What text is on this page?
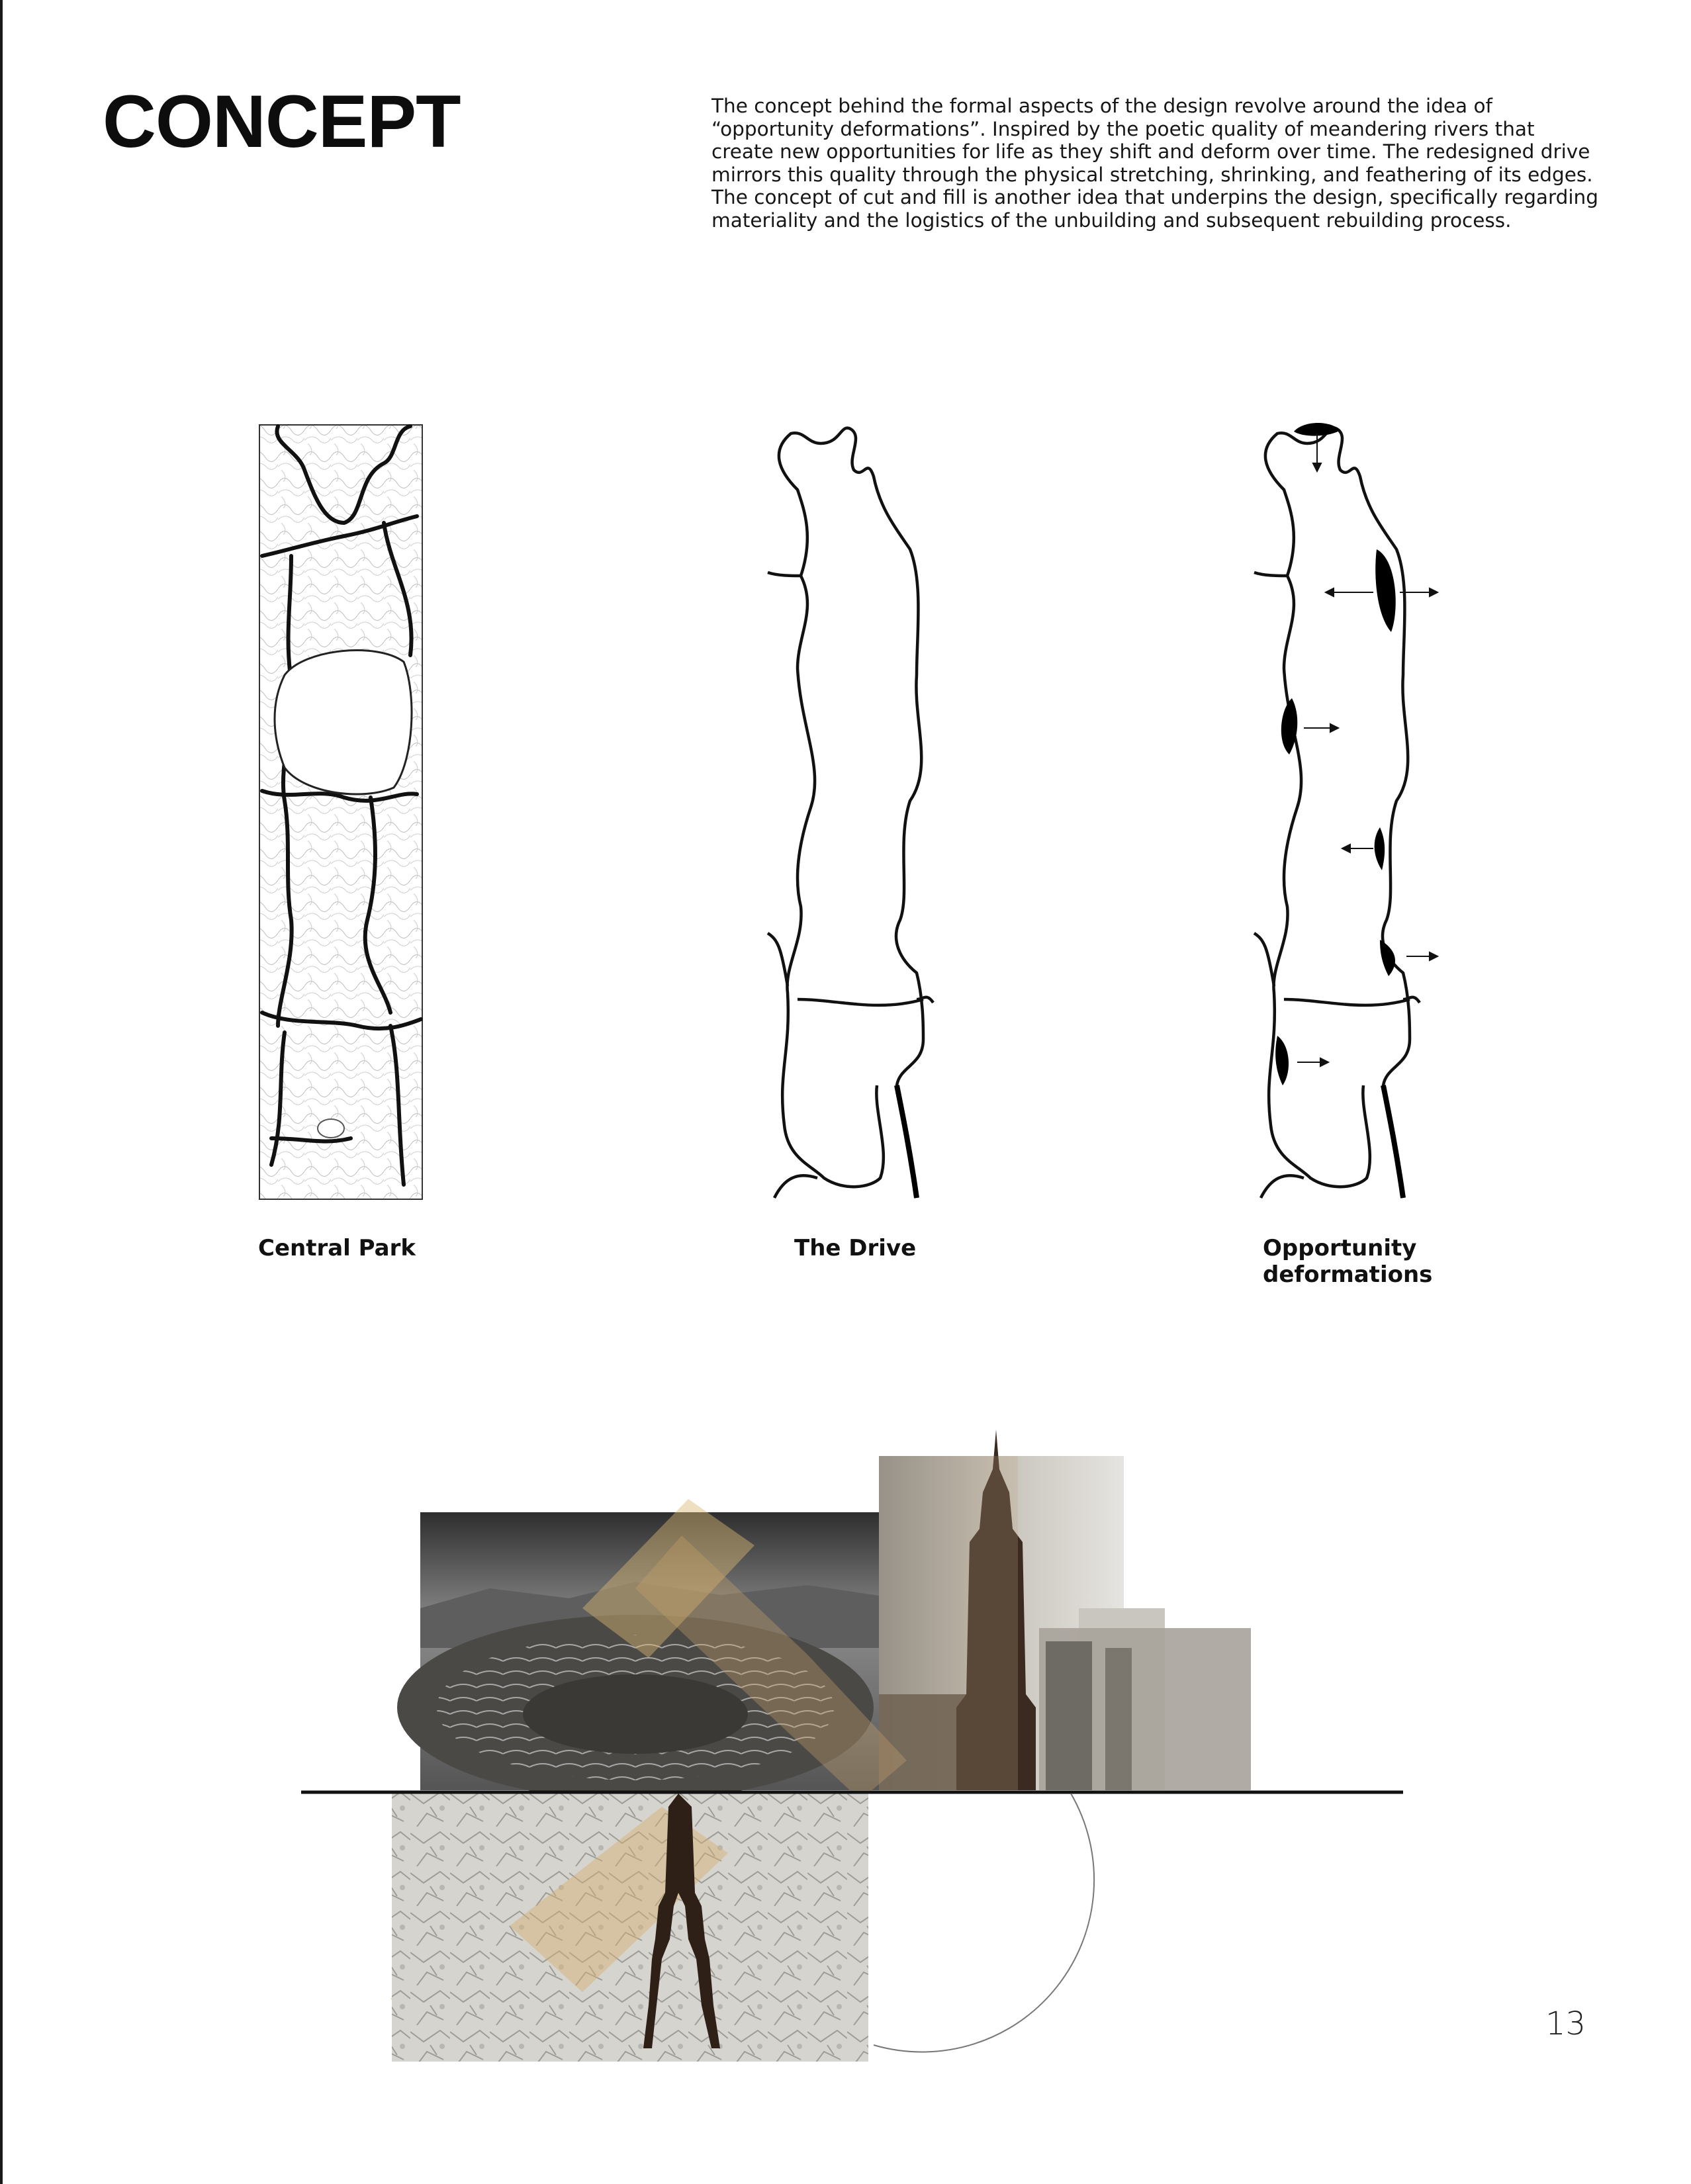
CONCEPT	The concept behind the formal aspects of the design revolve around the idea of “opportunity deformations”. Inspired by the poetic quality of meandering rivers that create new opportunities for life as they shift and deform over time. The redesigned drive mirrors this quality through the physical stretching, shrinking, and feathering of its edges. The concept of cut and fill is another idea that underpins the design, specifically regarding materiality and the logistics of the unbuilding and subsequent rebuilding process.

Central Park	The Drive	Opportunity deformations

13
